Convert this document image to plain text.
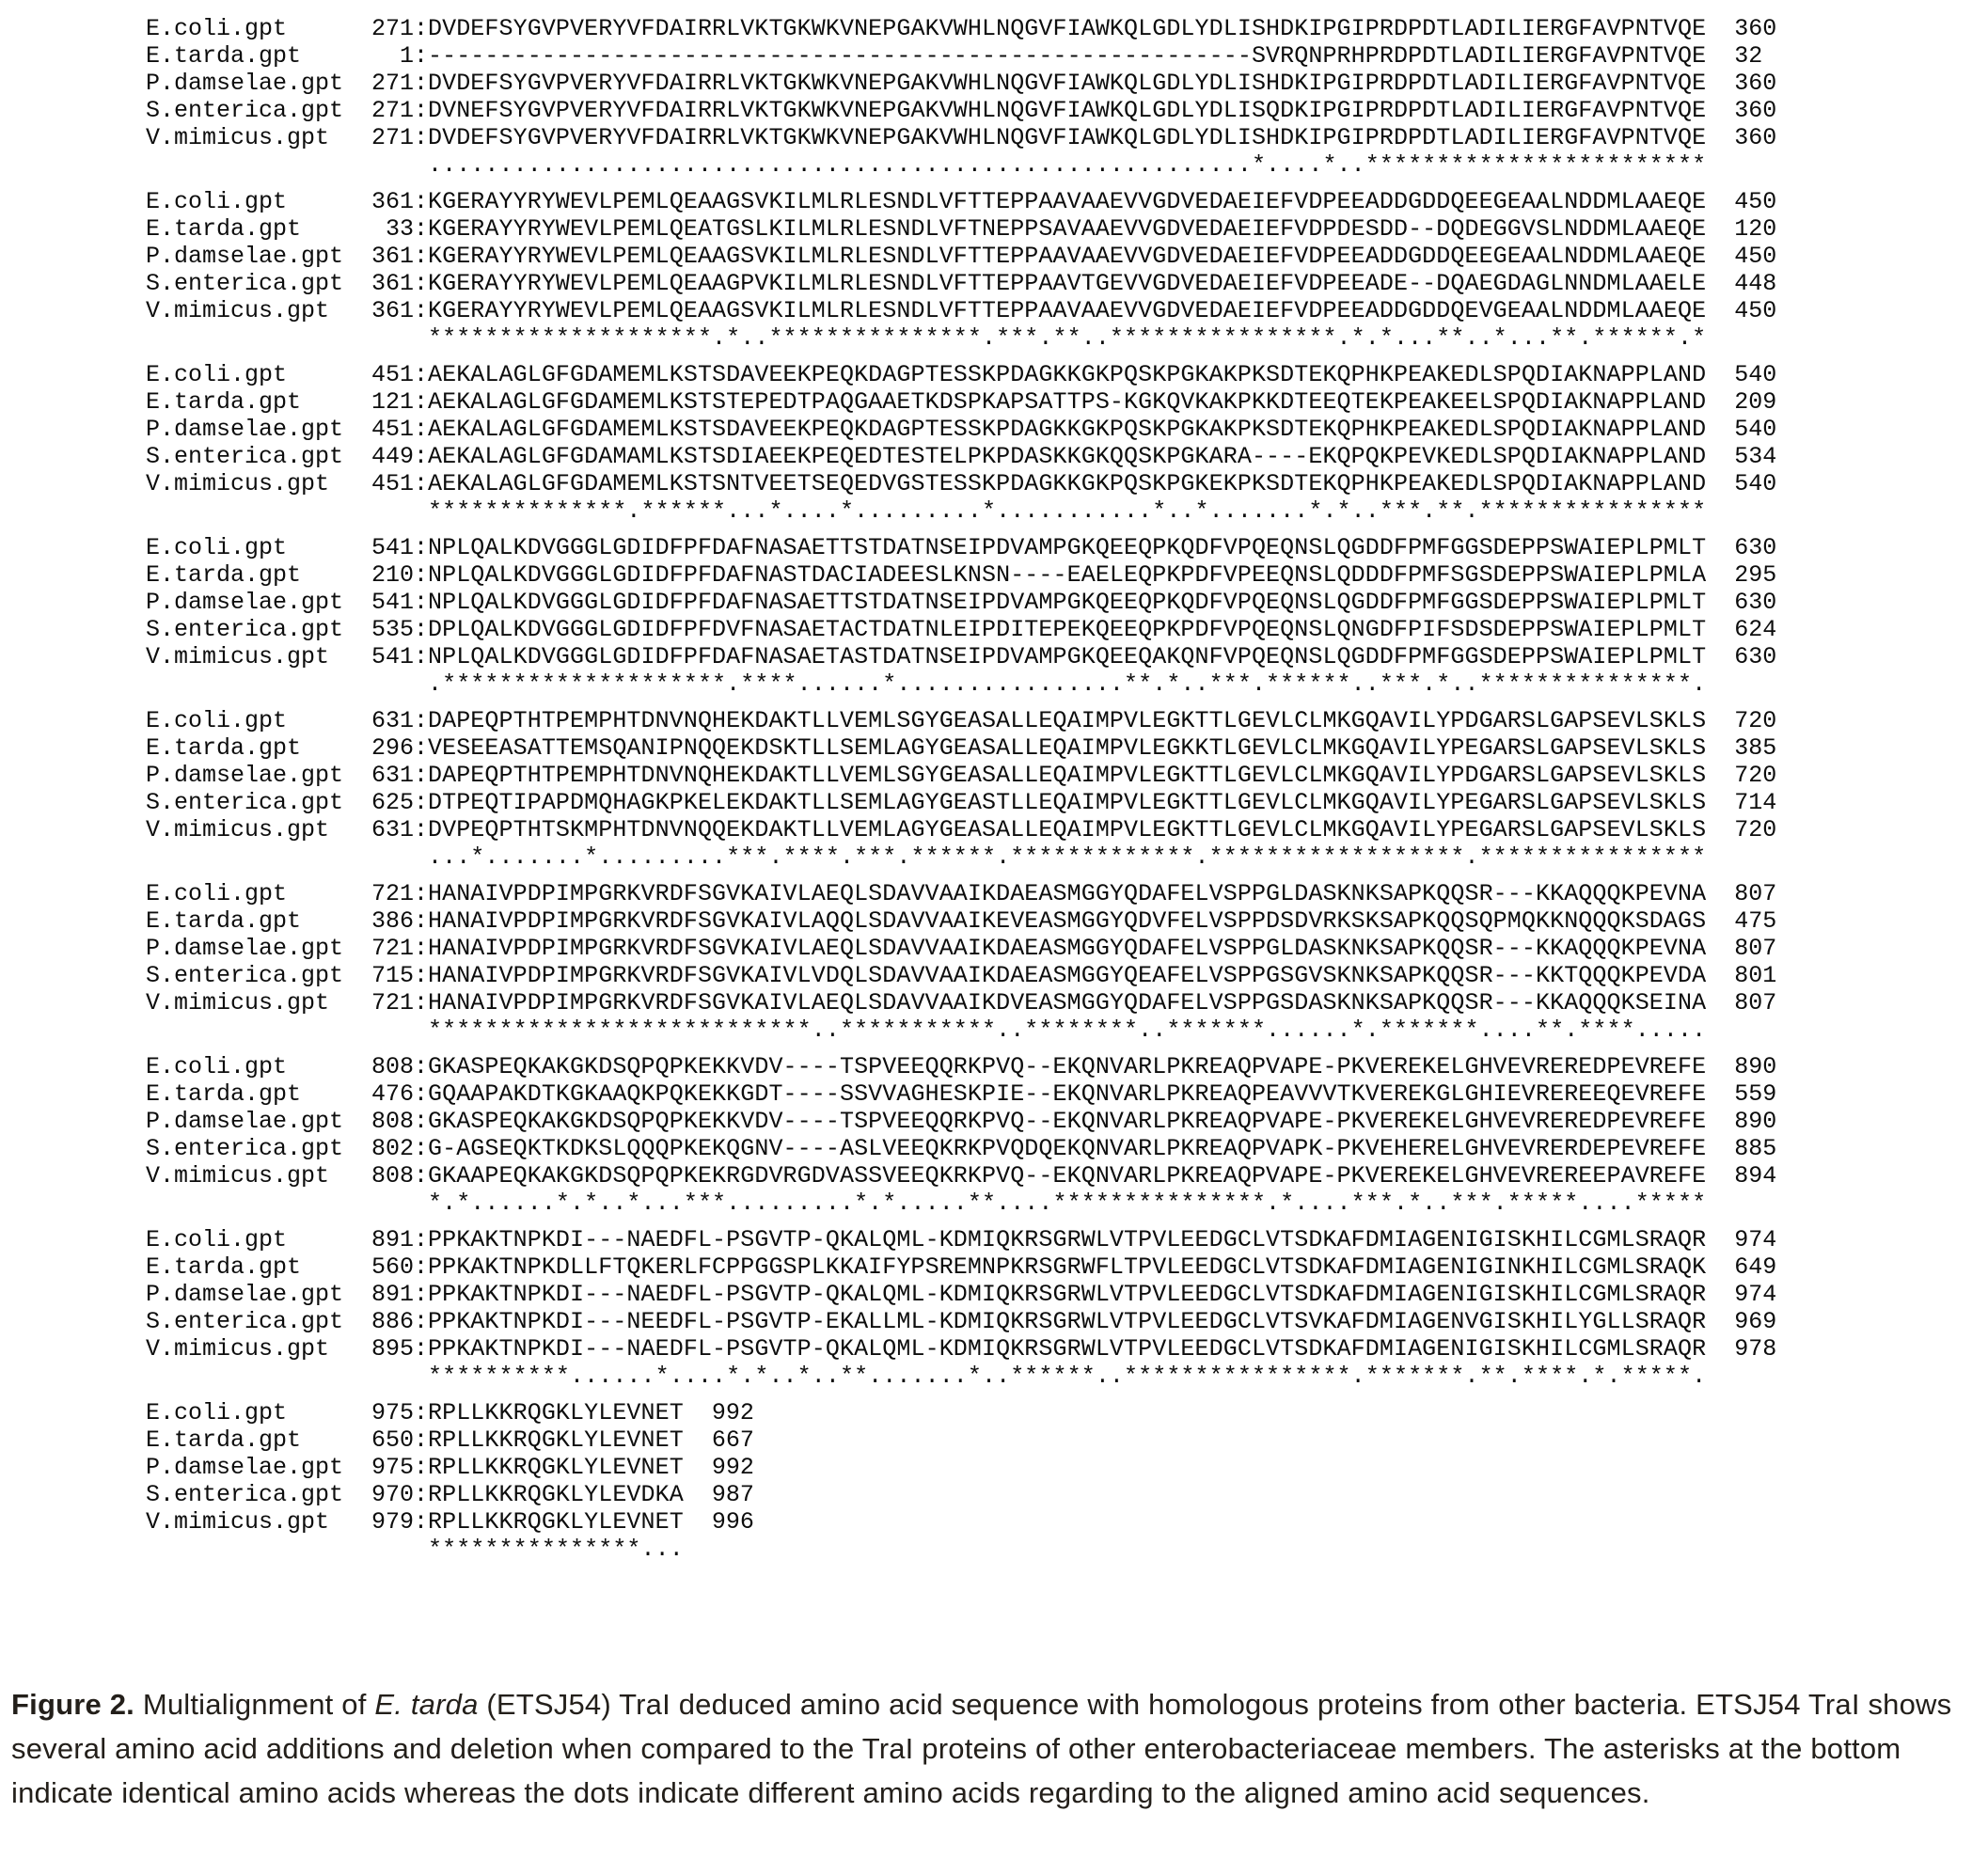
E.coli.gpt	271:DVDEFSYGVPVERYVFDAIRRLVKTGKWKVNEPGAKVWHLNQGVFIAWKQLGDLYDLISHDKIPGIPRDPDTLADILIERGFAVPNTVQE 360
E.tarda.gpt	1:----------------------------------------------------------SVRQNPRHPRDPDTLADILIERGFAVPNTVQE 32
P.damselae.gpt 271:DVDEFSYGVPVERYVFDAIRRLVKTGKWKVNEPGAKVWHLNQGVFIAWKQLGDLYDLISHDKIPGIPRDPDTLADILIERGFAVPNTVQE 360
S.enterica.gpt 271:DVNEFSYGVPVERYVFDAIRRLVKTGKWKVNEPGAKVWHLNQGVFIAWKQLGDLYDLISQDKIPGIPRDPDTLADILIERGFAVPNTVQE 360
V.mimicus.gpt 271:DVDEFSYGVPVERYVFDAIRRLVKTGKWKVNEPGAKVWHLNQGVFIAWKQLGDLYDLISHDKIPGIPRDPDTLADILIERGFAVPNTVQE 360
..........................................................*....*..************************
E.coli.gpt	361:KGERAYYRYWEVLPEMLQEAAGSVKILMLRLESNDLVFTTEPPAAVAAEVVGDVEDAEIEFVDPEEADDGDDQEEGEAALNDDMLAAEQE 450
E.tarda.gpt	33:KGERAYYRYWEVLPEMLQEATGSLKILMLRLESNDLVFTNEPPSAVAAEVVGDVEDAEIEFVDPDESDD--DQDEGGVSLNDDMLAAEQE 120
P.damselae.gpt 361:KGERAYYRYWEVLPEMLQEAAGSVKILMLRLESNDLVFTTEPPAAVAAEVVGDVEDAEIEFVDPEEADDGDDQEEGEAALNDDMLAAEQE 450
S.enterica.gpt 361:KGERAYYRYWEVLPEMLQEAAGPVKILMLRLESNDLVFTTEPPAAVTGEVVGDVEDAEIEFVDPEEADE--DQAEGDAGLNNDMLAAELE 448
V.mimicus.gpt 361:KGERAYYRYWEVLPEMLQEAAGSVKILMLRLESNDLVFTTEPPAAVAAEVVGDVEDAEIEFVDPEEADDGDDQEVGEAALNDDMLAAEQE 450
********************.*..***************.***.**..****************.*.*...**..*...**.******.*
E.coli.gpt	451:AEKALAGLGFGDAMEMLKSTSDAVEEKPEQKDAGPTESSKPDAGKKGKPQSKPGKAKPKSDTEKQPHKPEAKEDLSPQDIAKNAPPLAND 540
E.tarda.gpt	121:AEKALAGLGFGDAMEMLKSTSTEPEDTPAQGAAETKDSPKAPSATTPS-KGKQVKAKPKKDTEEQTEKPEAKEELSPQDIAKNAPPLAND 209
P.damselae.gpt 451:AEKALAGLGFGDAMEMLKSTSDAVEEKPEQKDAGPTESSKPDAGKKGKPQSKPGKAKPKSDTEKQPHKPEAKEDLSPQDIAKNAPPLAND 540
S.enterica.gpt 449:AEKALAGLGFGDAMAMLKSTSDIAEEKPEQEDTESTELPKPDASKKGKQQSKPGKARA----EKQPQKPEVKEDLSPQDIAKNAPPLAND 534
V.mimicus.gpt 451:AEKALAGLGFGDAMEMLKSTSNTVEETSEQEDVGSTESSKPDAGKKGKPQSKPGKEKPKSDTEKQPHKPEAKEDLSPQDIAKNAPPLAND 540
**************.******...*....*.........*...........*..*.......*.*..***.**.****************
E.coli.gpt	541:NPLQALKDVGGGLGDIDFPFDAFNASAETTSTDATNSEIPDVAMPGKQEEQPKQDFVPQEQNSLQGDDFPMFGGSDEPPSWAIEPLPMLT 630
E.tarda.gpt	210:NPLQALKDVGGGLGDIDFPFDAFNASTDACIADEESLKNSN----EAELEQPKPDFVPEEQNSLQDDDFPMFSGSDEPPSWAIEPLPMLA 295
P.damselae.gpt 541:NPLQALKDVGGGLGDIDFPFDAFNASAETTSTDATNSEIPDVAMPGKQEEQPKQDFVPQEQNSLQGDDFPMFGGSDEPPSWAIEPLPMLT 630
S.enterica.gpt 535:DPLQALKDVGGGLGDIDFPFDVFNASAETACTDATNLEIPDITEPEKQEEQPKPDFVPQEQNSLQNGDFPIFSDSDEPPSWAIEPLPMLT 624
V.mimicus.gpt 541:NPLQALKDVGGGLGDIDFPFDAFNASAETASTDATNSEIPDVAMPGKQEEQAKQNFVPQEQNSLQGDDFPMFGGSDEPPSWAIEPLPMLT 630
.********************.****......*................**.*..***.******..***.*..***************.
E.coli.gpt	631:DAPEQPTHTPEMPHTDNVNQHEKDAKTLLVEMLSGYGEASALLEQAIMPVLEGKTTLGEVLCLMKGQAVILYPDGARSLGAPSEVLSKLS 720
E.tarda.gpt	296:VESEEASATTEMSQANIPNQQEKDSKTLLSEMLAGYGEASALLEQAIMPVLEGKKTLGEVLCLMKGQAVILYPEGARSLGAPSEVLSKLS 385
P.damselae.gpt 631:DAPEQPTHTPEMPHTDNVNQHEKDAKTLLVEMLSGYGEASALLEQAIMPVLEGKTTLGEVLCLMKGQAVILYPDGARSLGAPSEVLSKLS 720
S.enterica.gpt 625:DTPEQTIPAPDMQHAGKPKELEKDAKTLLSEMLAGYGEASTLLEQAIMPVLEGKTTLGEVLCLMKGQAVILYPEGARSLGAPSEVLSKLS 714
V.mimicus.gpt 631:DVPEQPTHTSKMPHTDNVNQQEKDAKTLLVEMLAGYGEASALLEQAIMPVLEGKTTLGEVLCLMKGQAVILYPEGARSLGAPSEVLSKLS 720
...*.......*.........***.****.***.******.*************.******************.****************
E.coli.gpt	721:HANAIVPDPIMPGRKVRDFSGVKAIVLAEQLSDAVVAAIKDAEASMGGYQDAFELVSPPGLDASKNKSAPKQQSR---KKAQQQKPEVNA 807
E.tarda.gpt	386:HANAIVPDPIMPGRKVRDFSGVKAIVLAQQLSDAVVAAIKEVEASMGGYQDVFELVSPPDSDVRKSKSAPKQQSQPMQKKNQQQKSDAGS 475
P.damselae.gpt 721:HANAIVPDPIMPGRKVRDFSGVKAIVLAEQLSDAVVAAIKDAEASMGGYQDAFELVSPPGLDASKNKSAPKQQSR---KKAQQQKPEVNA 807
S.enterica.gpt 715:HANAIVPDPIMPGRKVRDFSGVKAIVLVDQLSDAVVAAIKDAEASMGGYQEAFELVSPPGSGVSKNKSAPKQQSR---KKTQQQKPEVDA 801
V.mimicus.gpt 721:HANAIVPDPIMPGRKVRDFSGVKAIVLAEQLSDAVVAAIKDVEASMGGYQDAFELVSPPGSDASKNKSAPKQQSR---KKAQQQKSEINA 807
***************************..***********..********..*******......*.*******....**.****.....
E.coli.gpt	808:GKASPEQKAKGKDSQPQPKEKKVDV----TSPVEEQQRKPVQ--EKQNVARLPKREAQPVAPE-PKVEREKELGHVEVREREDPEVREFE 890
E.tarda.gpt	476:GQAAPAKDTKGKAAQKPQKEKKGDT----SSVVAGHESKPIE--EKQNVARLPKREAQPEAVVVTKVEREKGLGHIEVREREEQEVREFE 559
P.damselae.gpt 808:GKASPEQKAKGKDSQPQPKEKKVDV----TSPVEEQQRKPVQ--EKQNVARLPKREAQPVAPE-PKVEREKELGHVEVREREDPEVREFE 890
S.enterica.gpt 802:G-AGSEQKTKDKSLQQQPKEKQGNV----ASLVEEQKRKPVQDQEKQNVARLPKREAQPVAPK-PKVEHERELGHVEVRERDEPEVREFE 885
V.mimicus.gpt 808:GKAAPEQKAKGKDSQPQPKEKRGDVRGDVASSVEEQKRKPVQ--EKQNVARLPKREAQPVAPE-PKVEREKELGHVEVREREEPAVREFE 894
*.*......*.*..*...***.........*.*.....**....***************.*....***.*..***.*****....*****
E.coli.gpt	891:PPKAKTNPKDI---NAEDFL-PSGVTP-QKALQML-KDMIQKRSGRWLVTPVLEEDGCLVTSDKAFDMIAGENIGISKHILCGMLSRAQR 974
E.tarda.gpt	560:PPKAKTNPKDLLFTQKERLFCPPGGSPLKKAIFYPSREMNPKRSGRWFLTPVLEEDGCLVTSDKAFDMIAGENIGINKHILCGMLSRAQK 649
P.damselae.gpt 891:PPKAKTNPKDI---NAEDFL-PSGVTP-QKALQML-KDMIQKRSGRWLVTPVLEEDGCLVTSDKAFDMIAGENIGISKHILCGMLSRAQR 974
S.enterica.gpt 886:PPKAKTNPKDI---NEEDFL-PSGVTP-EKALLML-KDMIQKRSGRWLVTPVLEEDGCLVTSVKAFDMIAGENVGISKHILYGLLSRAQR 969
V.mimicus.gpt 895:PPKAKTNPKDI---NAEDFL-PSGVTP-QKALQML-KDMIQKRSGRWLVTPVLEEDGCLVTSDKAFDMIAGENIGISKHILCGMLSRAQR 978
**********......*....*.*..*..**.......*..******..****************.*******.**.****.*.*****.
E.coli.gpt	975:RPLLKKRQGKLYLEVNET 992
E.tarda.gpt	650:RPLLKKRQGKLYLEVNET 667
P.damselae.gpt 975:RPLLKKRQGKLYLEVNET 992
S.enterica.gpt 970:RPLLKKRQGKLYLEVDKA 987
V.mimicus.gpt 979:RPLLKKRQGKLYLEVNET 996
***************...

Figure 2. Multialignment of E. tarda (ETSJ54) TraI deduced amino acid sequence with homologous proteins from other bacteria. ETSJ54 TraI shows several amino acid additions and deletion when compared to the TraI proteins of other enterobacteriaceae members. The asterisks at the bottom indicate identical amino acids whereas the dots indicate different amino acids regarding to the aligned amino acid sequences.
